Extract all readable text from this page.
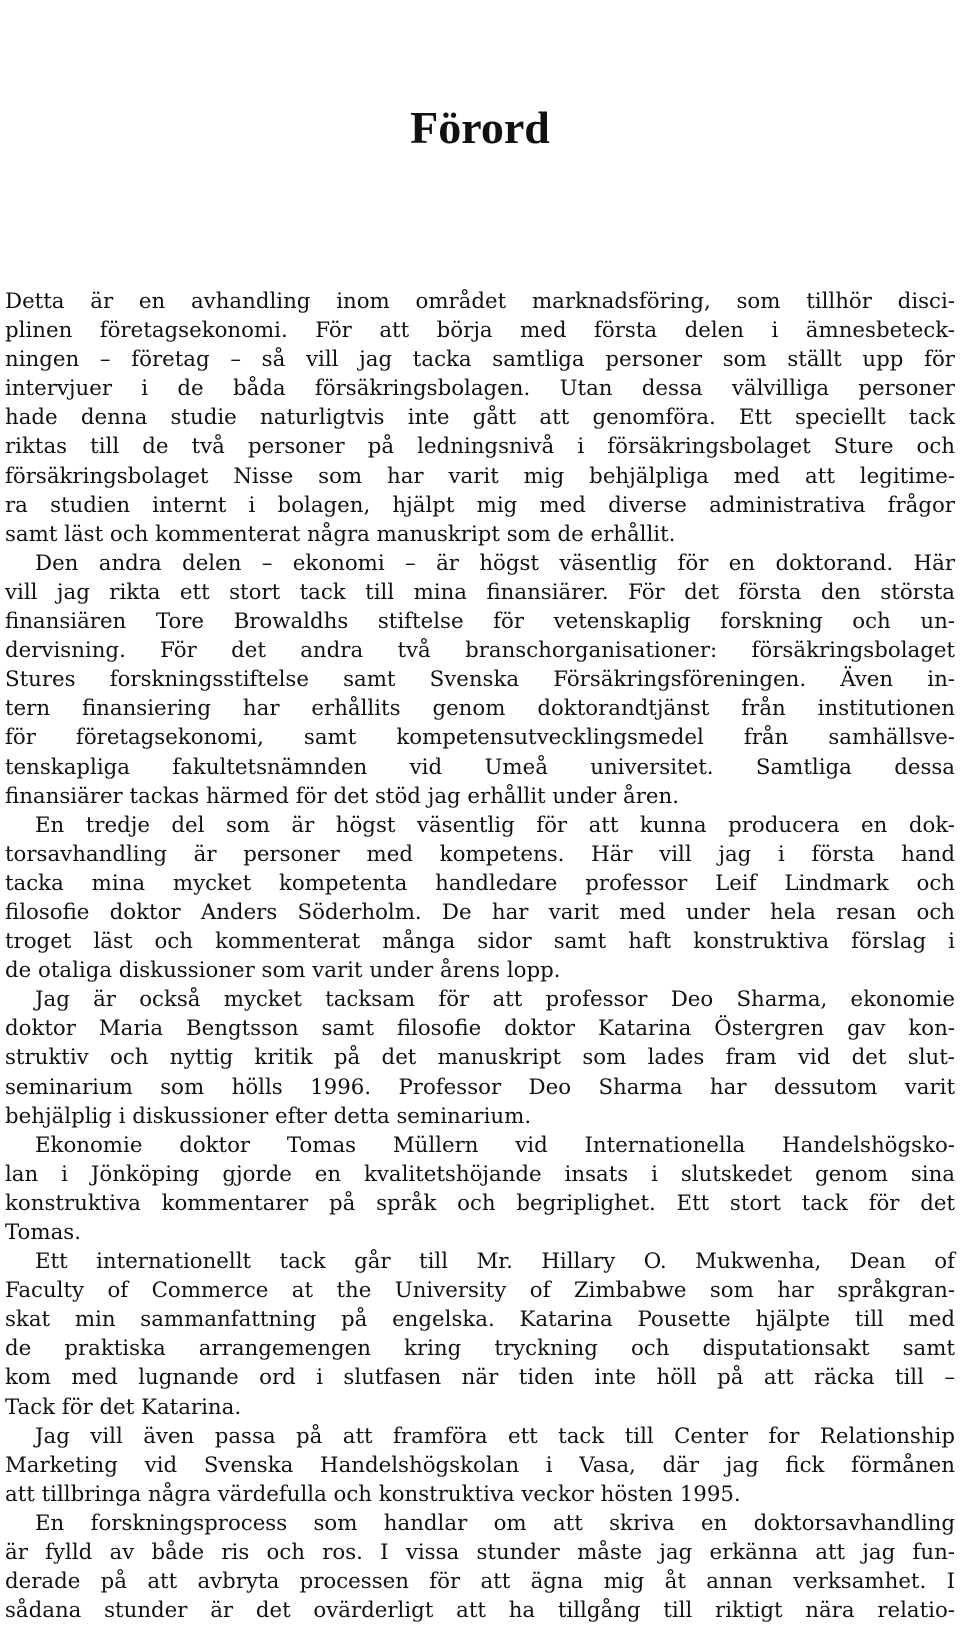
Förord
Detta är en avhandling inom området marknadsföring, som tillhör disci-
plinen företagsekonomi. För att börja med första delen i ämnesbeteck-
ningen – företag – så vill jag tacka samtliga personer som ställt upp för
intervjuer i de båda försäkringsbolagen. Utan dessa välvilliga personer
hade denna studie naturligtvis inte gått att genomföra. Ett speciellt tack
riktas till de två personer på ledningsnivå i försäkringsbolaget Sture och
försäkringsbolaget Nisse som har varit mig behjälpliga med att legitime-
ra studien internt i bolagen, hjälpt mig med diverse administrativa frågor
samt läst och kommenterat några manuskript som de erhållit.
Den andra delen – ekonomi – är högst väsentlig för en doktorand. Här
vill jag rikta ett stort tack till mina finansiärer. För det första den största
finansiären Tore Browaldhs stiftelse för vetenskaplig forskning och un-
dervisning. För det andra två branschorganisationer: försäkringsbolaget
Stures forskningsstiftelse samt Svenska Försäkringsföreningen. Även in-
tern finansiering har erhållits genom doktorandtjänst från institutionen
för företagsekonomi, samt kompetensutvecklingsmedel från samhällsve-
tenskapliga fakultetsnämnden vid Umeå universitet. Samtliga dessa
finansiärer tackas härmed för det stöd jag erhållit under åren.
En tredje del som är högst väsentlig för att kunna producera en dok-
torsavhandling är personer med kompetens. Här vill jag i första hand
tacka mina mycket kompetenta handledare professor Leif Lindmark och
filosofie doktor Anders Söderholm. De har varit med under hela resan och
troget läst och kommenterat många sidor samt haft konstruktiva förslag i
de otaliga diskussioner som varit under årens lopp.
Jag är också mycket tacksam för att professor Deo Sharma, ekonomie
doktor Maria Bengtsson samt filosofie doktor Katarina Östergren gav kon-
struktiv och nyttig kritik på det manuskript som lades fram vid det slut-
seminarium som hölls 1996. Professor Deo Sharma har dessutom varit
behjälplig i diskussioner efter detta seminarium.
Ekonomie doktor Tomas Müllern vid Internationella Handelshögsko-
lan i Jönköping gjorde en kvalitetshöjande insats i slutskedet genom sina
konstruktiva kommentarer på språk och begriplighet. Ett stort tack för det
Tomas.
Ett internationellt tack går till Mr. Hillary O. Mukwenha, Dean of
Faculty of Commerce at the University of Zimbabwe som har språkgran-
skat min sammanfattning på engelska. Katarina Pousette hjälpte till med
de praktiska arrangemengen kring tryckning och disputationsakt samt
kom med lugnande ord i slutfasen när tiden inte höll på att räcka till –
Tack för det Katarina.
Jag vill även passa på att framföra ett tack till Center for Relationship
Marketing vid Svenska Handelshögskolan i Vasa, där jag fick förmånen
att tillbringa några värdefulla och konstruktiva veckor hösten 1995.
En forskningsprocess som handlar om att skriva en doktorsavhandling
är fylld av både ris och ros. I vissa stunder måste jag erkänna att jag fun-
derade på att avbryta processen för att ägna mig åt annan verksamhet. I
sådana stunder är det ovärderligt att ha tillgång till riktigt nära relatio-
